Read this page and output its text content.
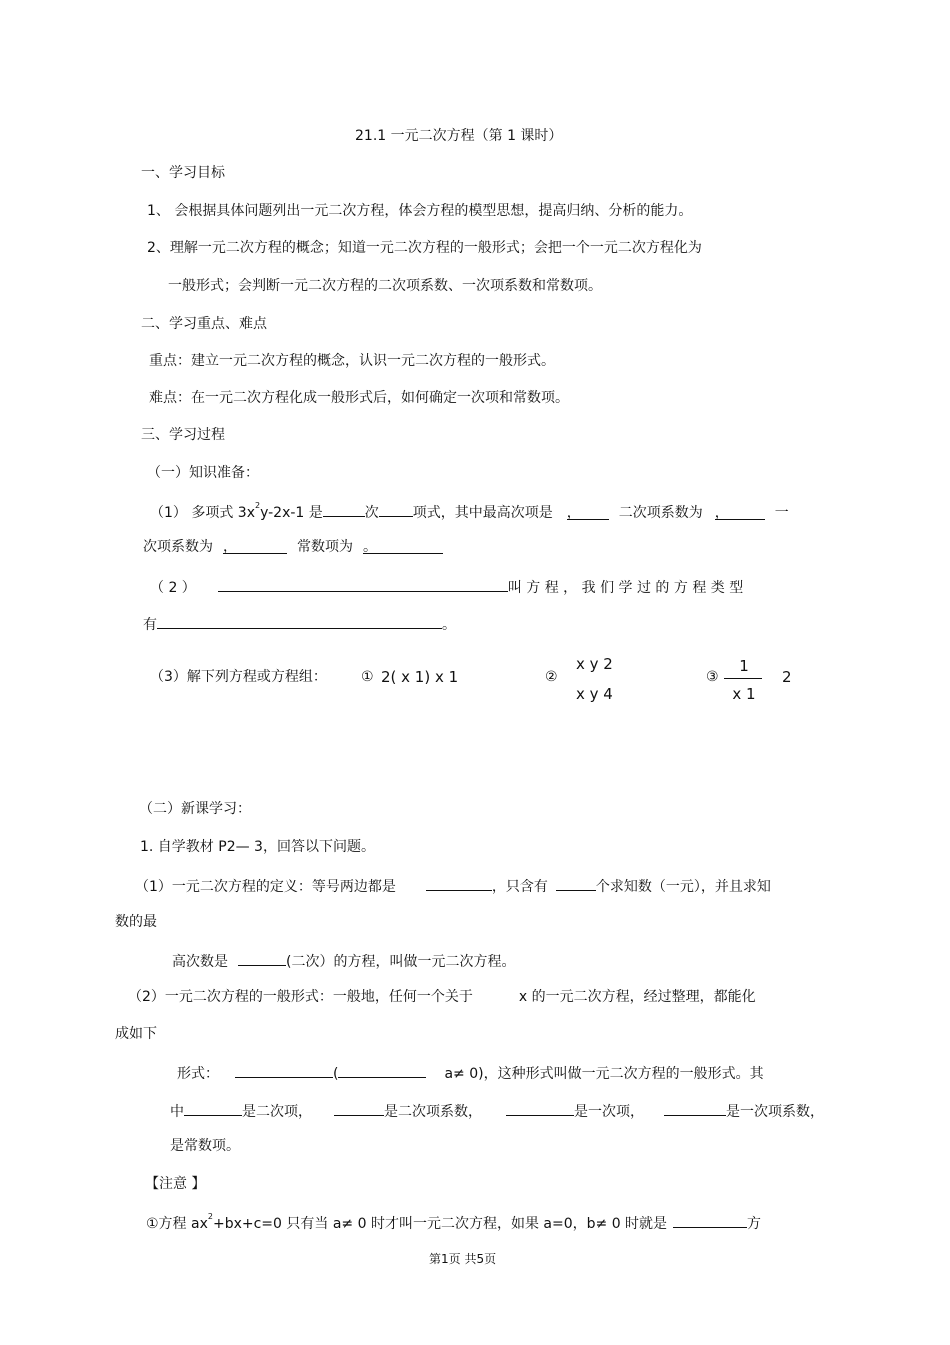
21.1 一元二次方程（第 1 课时）
一、学习目标
1、 会根据具体问题列出一元二次方程，体会方程的模型思想，提高归纳、分析的能力。
2、理解一元二次方程的概念；知道一元二次方程的一般形式；会把一个一元二次方程化为
一般形式；会判断一元二次方程的二次项系数、一次项系数和常数项。
二、学习重点、难点
重点：建立一元二次方程的概念，认识一元二次方程的一般形式。
难点：在一元二次方程化成一般形式后，如何确定一次项和常数项。
三、学习过程
（一）知识准备：
（1） 多项式 $3x^2y-2x-1$ 是	次 项式，其中最高次项是 ，	二次项系数为 ，	一
次项系数为 ，	常数项为 。
（ 2 ）	叫 方 程 ， 我 们 学 过 的 方 程 类 型
有	。
（3）解下列方程或方程组： ① 2( x 1) x 1	②
x y 2
x y 4
③
1
x 1
2
（二）新课学习：
1. 自学教材 P2— 3，回答以下问题。
（1）一元二次方程的定义：等号两边都是	，只含有	个求知数（一元），并且求知
数的最
高次数是	(二次）的方程，叫做一元二次方程。
（2）一元二次方程的一般形式：一般地，任何一个关于	x 的一元二次方程，经过整理，都能化
成如下
形式：	(	a≠ 0)，这种形式叫做一元二次方程的一般形式。其
中	是二次项，	是二次项系数，	是一次项，	是一次项系数，
是常数项。
【注意 】
①方程 $ax^2+bx+c=0$ 只有当 a≠ 0 时才叫一元二次方程，如果 a=0，b≠ 0 时就是	方
第1页 共5页
